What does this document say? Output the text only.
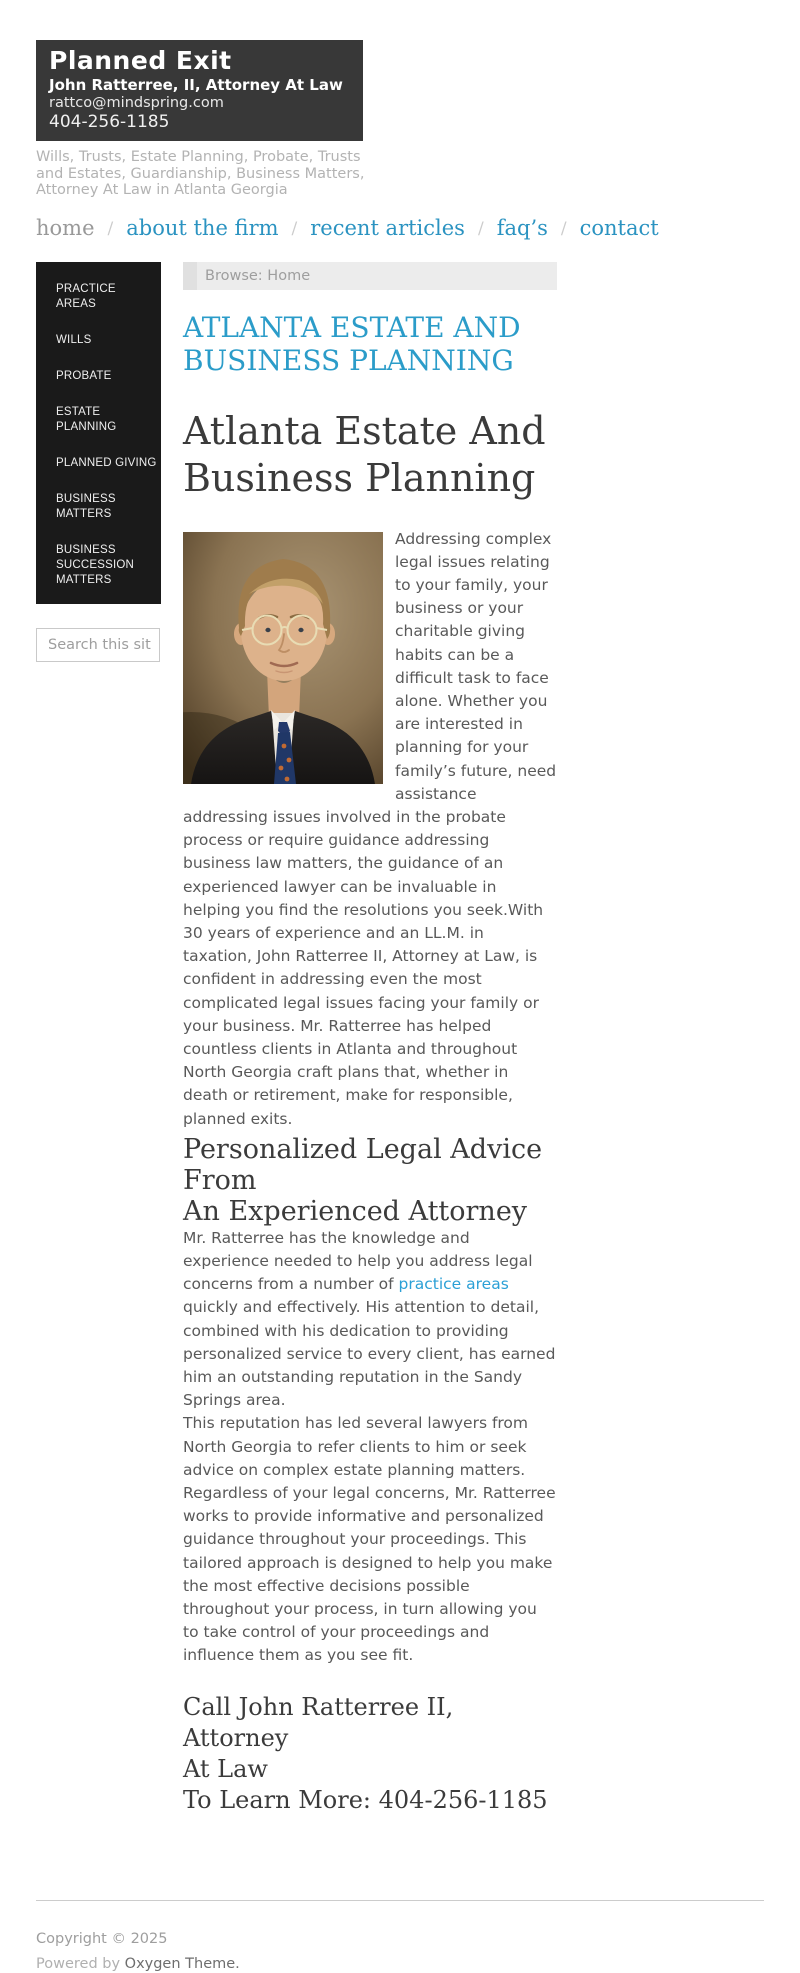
Planned Exit
John Ratterree, II, Attorney At Law
rattco@mindspring.com
404-256-1185
Wills, Trusts, Estate Planning, Probate, Trusts and Estates, Guardianship, Business Matters, Attorney At Law in Atlanta Georgia
home / about the firm / recent articles / faq’s / contact
PRACTICE AREAS
WILLS
PROBATE
ESTATE PLANNING
PLANNED GIVING
BUSINESS MATTERS
BUSINESS SUCCESSION MATTERS
Search this site
Browse: Home
ATLANTA ESTATE AND
BUSINESS PLANNING
Atlanta Estate And
Business Planning

Addressing complex legal issues relating to your family, your business or your charitable giving habits can be a difficult task to face alone. Whether you are interested in planning for your family’s future, need assistance addressing issues involved in the probate process or require guidance addressing business law matters, the guidance of an experienced lawyer can be invaluable in helping you find the resolutions you seek.With 30 years of experience and an LL.M. in taxation, John Ratterree II, Attorney at Law, is confident in addressing even the most complicated legal issues facing your family or your business. Mr. Ratterree has helped countless clients in Atlanta and throughout North Georgia craft plans that, whether in death or retirement, make for responsible, planned exits.

Personalized Legal Advice From
An Experienced Attorney

Mr. Ratterree has the knowledge and experience needed to help you address legal concerns from a number of practice areas quickly and effectively. His attention to detail, combined with his dedication to providing personalized service to every client, has earned him an outstanding reputation in the Sandy Springs area.

This reputation has led several lawyers from North Georgia to refer clients to him or seek advice on complex estate planning matters.

Regardless of your legal concerns, Mr. Ratterree works to provide informative and personalized guidance throughout your proceedings. This tailored approach is designed to help you make the most effective decisions possible throughout your process, in turn allowing you to take control of your proceedings and influence them as you see fit.

Call John Ratterree II, Attorney
At Law
To Learn More: 404-256-1185
Copyright © 2025
Powered by Oxygen Theme.
